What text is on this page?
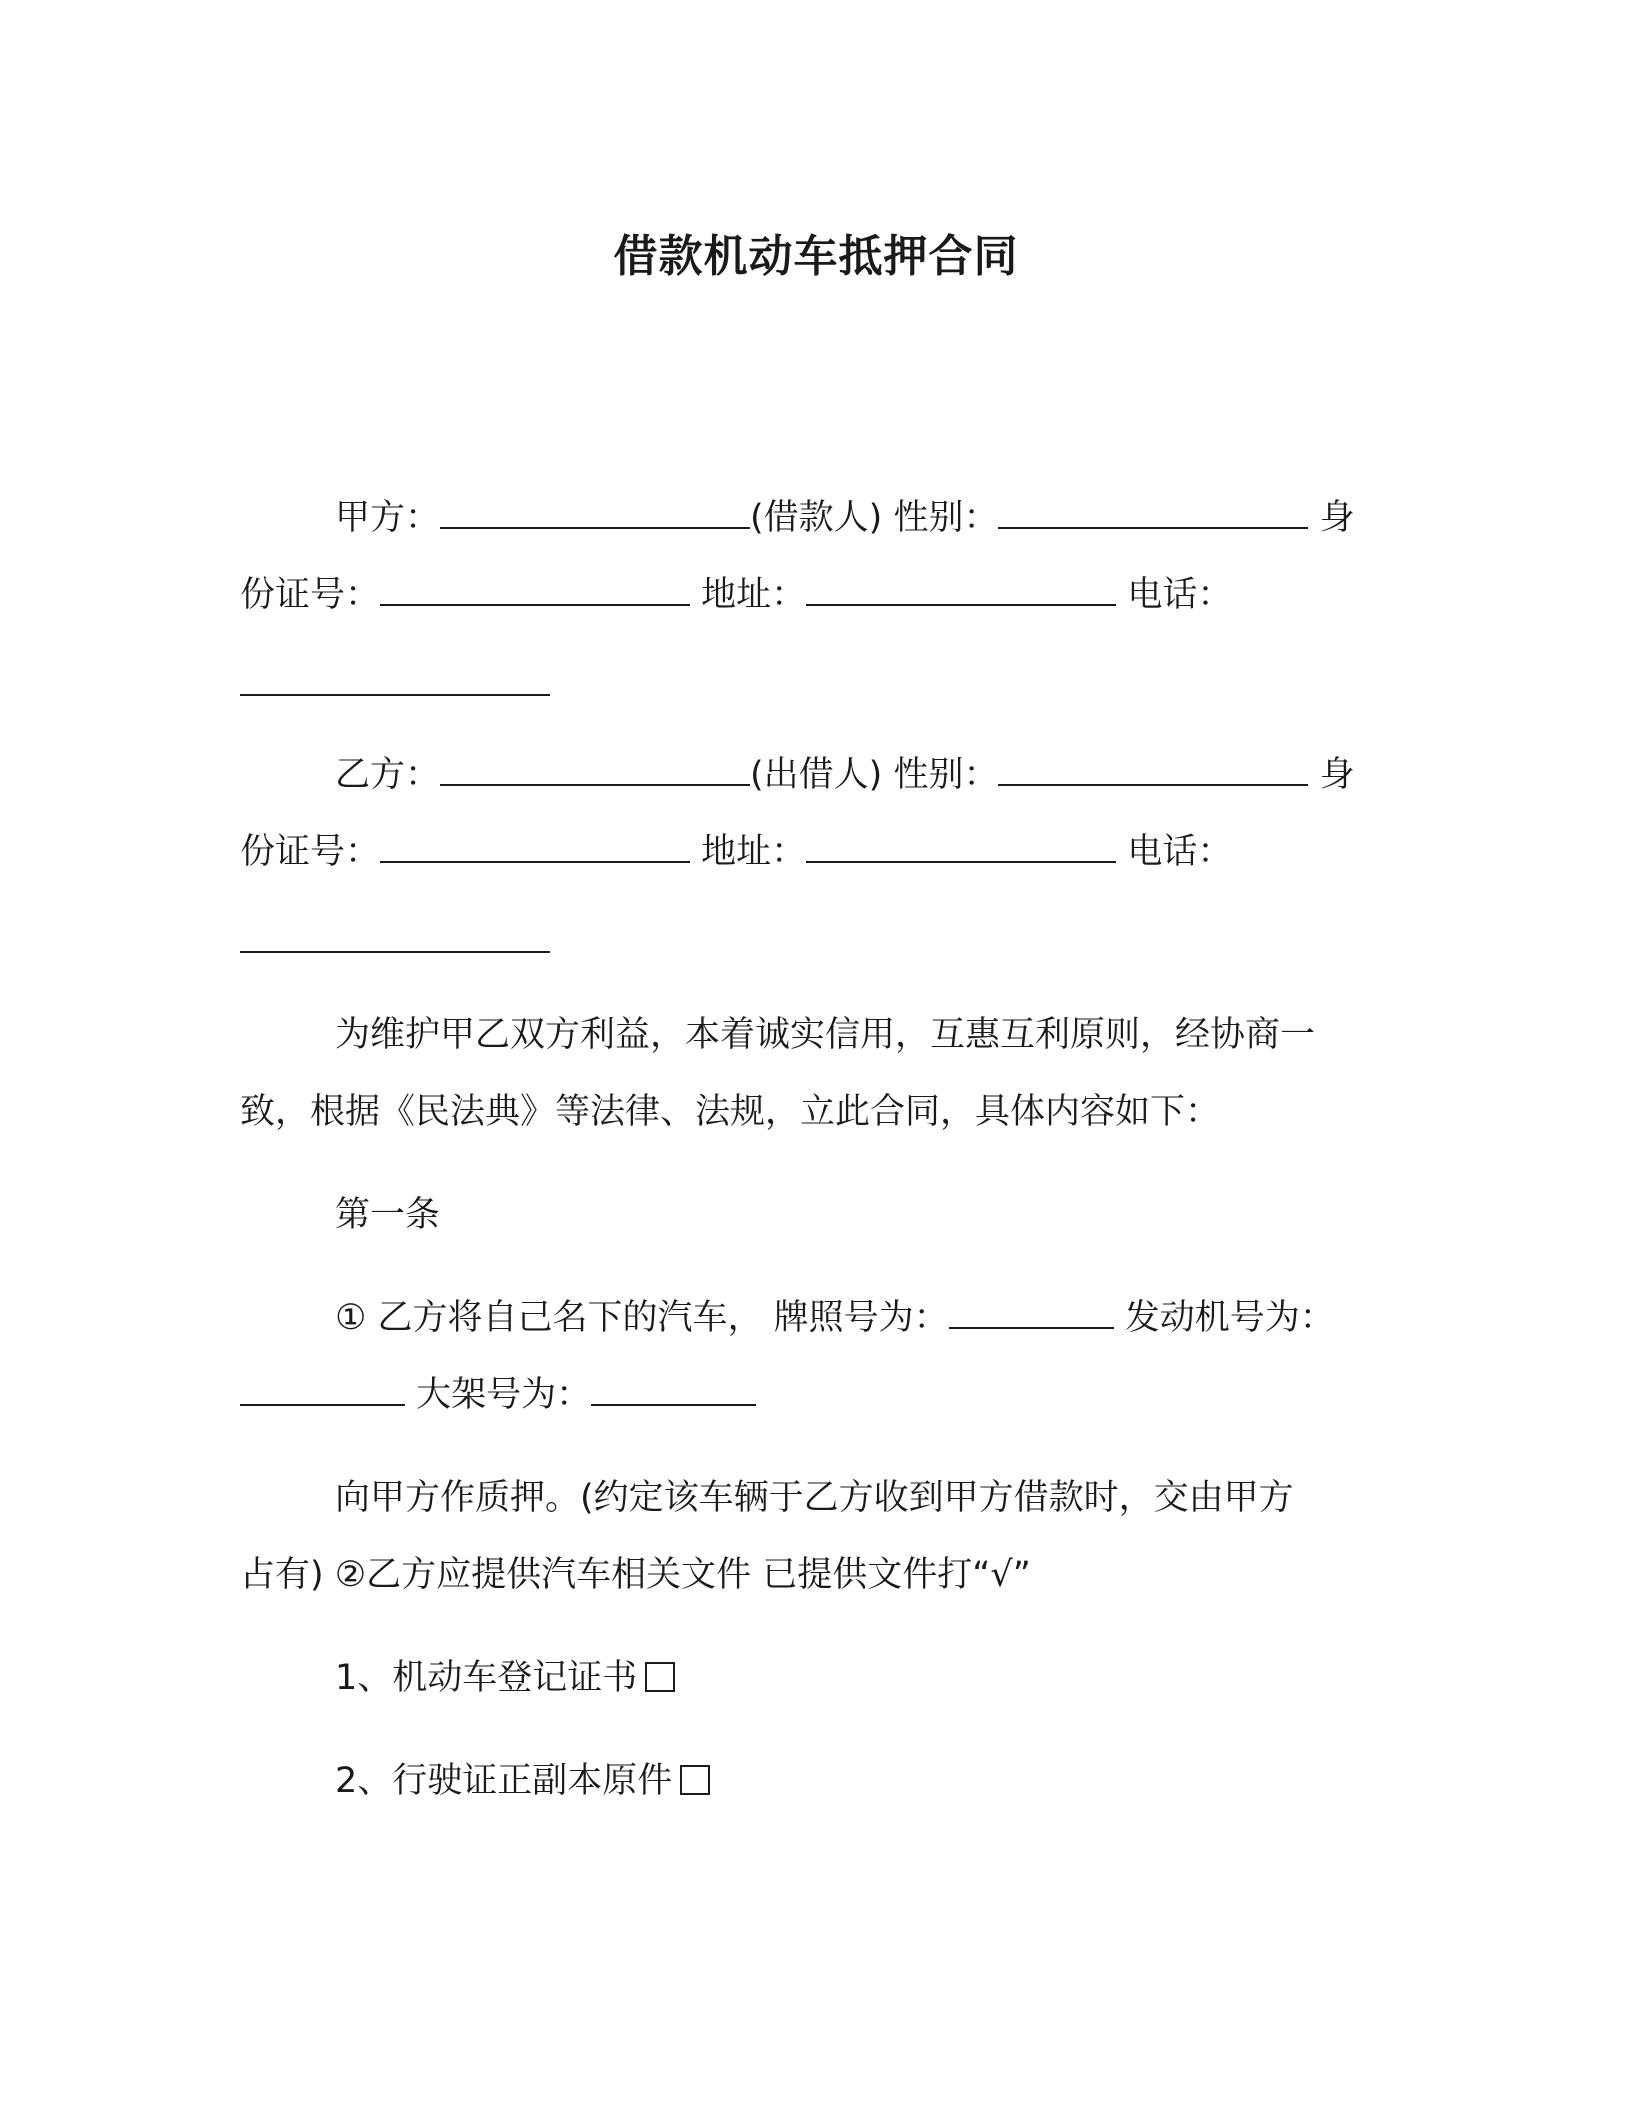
借款机动车抵押合同
甲方：	(借款人) 性别：	身
份证号：	地址：	电话：
乙方：	(出借人) 性别：	身
份证号：	地址：	电话：
为维护甲乙双方利益，本着诚实信用，互惠互利原则，经协商一
致，根据《民法典》等法律、法规，立此合同，具体内容如下：
第一条
① 乙方将自己名下的汽车， 牌照号为：	发动机号为：
大架号为：
向甲方作质押。(约定该车辆于乙方收到甲方借款时，交由甲方
占有) ②乙方应提供汽车相关文件 已提供文件打“√”
1、机动车登记证书
2、行驶证正副本原件
